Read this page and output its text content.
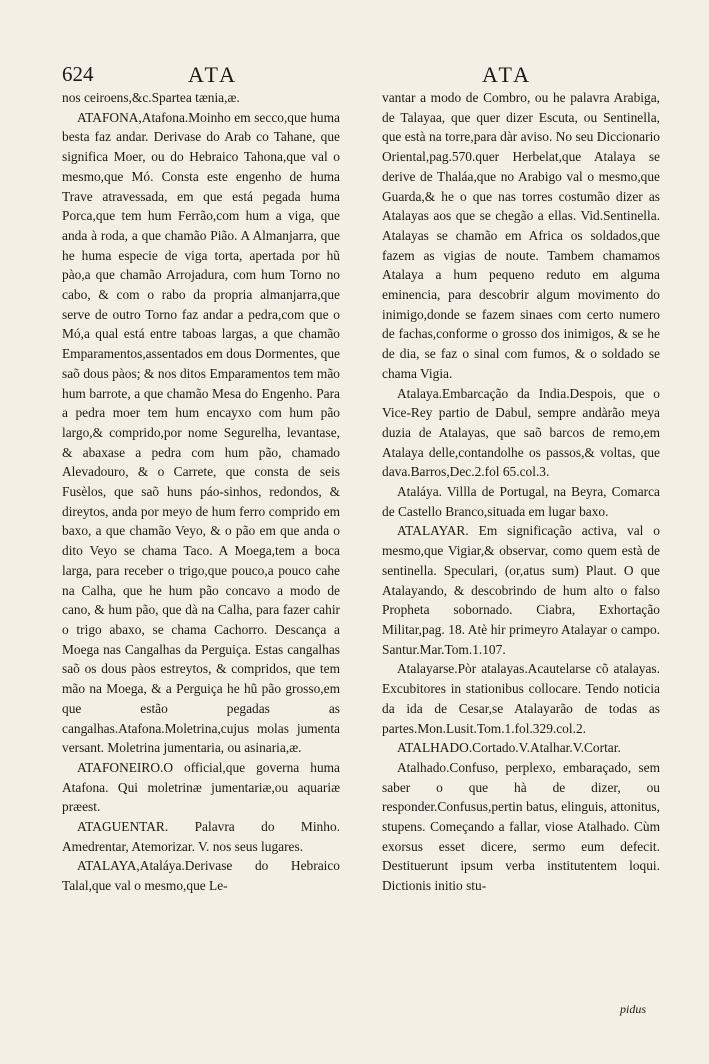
624	ATA	ATA

nos ceiroens,&c.Spartea tænia,æ.

ATAFONA,Atafona.Moinho em secco,que huma besta faz andar. Derivase do Arab co Tahane, que significa Moer, ou do Hebraico Tahona,que val o mesmo,que Mó. Consta este engenho de huma Trave atravessada, em que está pegada huma Porca,que tem hum Ferrão,com hum a viga, que anda à roda, a que chamão Pião. A Almanjarra, que he huma especie de viga torta, apertada por hũ pào,a que chamão Arrojadura, com hum Torno no cabo, & com o rabo da propria almanjarra,que serve de outro Torno faz andar a pedra,com que o Mó,a qual está entre taboas largas, a que chamão Emparamentos,assentados em dous Dormentes, que saõ dous pàos; & nos ditos Emparamentos tem mão hum barrote, a que chamão Mesa do Engenho. Para a pedra moer tem hum encayxo com hum pão largo,& comprido,por nome Segurelha, levantase, & abaxase a pedra com hum pão, chamado Alevadouro, & o Carrete, que consta de seis Fusèlos, que saõ huns páo-sinhos, redondos, & direytos, anda por meyo de hum ferro comprido em baxo, a que chamão Veyo, & o pão em que anda o dito Veyo se chama Taco. A Moega,tem a boca larga, para receber o trigo,que pouco,a pouco cahe na Calha, que he hum pão concavo a modo de cano, & hum pão, que dà na Calha, para fazer cahir o trigo abaxo, se chama Cachorro. Descança a Moega nas Cangalhas da Perguiça. Estas cangalhas saõ os dous pàos estreytos, & compridos, que tem mão na Moega, & a Perguiça he hũ pão grosso,em que estão pegadas as cangalhas.Atafona.Moletrina,cujus molas jumenta versant. Moletrina jumentaria, ou asinaria,æ.

ATAFONEIRO.O official,que governa huma Atafona. Qui moletrinæ jumentariæ,ou aquariæ præest.

ATAGUENTAR. Palavra do Minho. Amedrentar, Atemorizar. V. nos seus lugares.

ATALAYA,Ataláya.Derivase do Hebraico Talal,que val o mesmo,que Le-

vantar a modo de Combro, ou he palavra Arabiga, de Talayaa, que quer dizer Escuta, ou Sentinella, que està na torre,para dàr aviso. No seu Diccionario Oriental,pag.570.quer Herbelat,que Atalaya se derive de Thaláa,que no Arabigo val o mesmo,que Guarda,& he o que nas torres costumão dizer as Atalayas aos que se chegão a ellas. Vid.Sentinella. Atalayas se chamão em Africa os soldados,que fazem as vigias de noute. Tambem chamamos Atalaya a hum pequeno reduto em alguma eminencia, para descobrir algum movimento do inimigo,donde se fazem sinaes com certo numero de fachas,conforme o grosso dos inimigos, & se he de dia, se faz o sinal com fumos, & o soldado se chama Vigia.

Atalaya.Embarcação da India.Despois, que o Vice-Rey partio de Dabul, sempre andàrão meya duzia de Atalayas, que saõ barcos de remo,em Atalaya delle,contandolhe os passos,& voltas, que dava.Barros,Dec.2.fol 65.col.3.

Ataláya. Villla de Portugal, na Beyra, Comarca de Castello Branco,situada em lugar baxo.

ATALAYAR. Em significação activa, val o mesmo,que Vigiar,& observar, como quem està de sentinella. Speculari, (or,atus sum) Plaut. O que Atalayando, & descobrindo de hum alto o falso Propheta sobornado. Ciabra, Exhortação Militar,pag. 18. Atè hir primeyro Atalayar o campo. Santur.Mar.Tom.1.107.

Atalayarse.Pòr atalayas.Acautelarse cõ atalayas. Excubitores in stationibus collocare. Tendo noticia da ida de Cesar,se Atalayarão de todas as partes.Mon.Lusit.Tom.1.fol.329.col.2.

ATALHADO.Cortado.V.Atalhar.V.Cortar.

Atalhado.Confuso, perplexo, embaraçado, sem saber o que hà de dizer, ou responder.Confusus,pertin batus, elinguis, attonitus, stupens. Começando a fallar, viose Atalhado. Cùm exorsus esset dicere, sermo eum defecit. Destituerunt ipsum verba institutentem loqui. Dictionis initio stu-

pidus
